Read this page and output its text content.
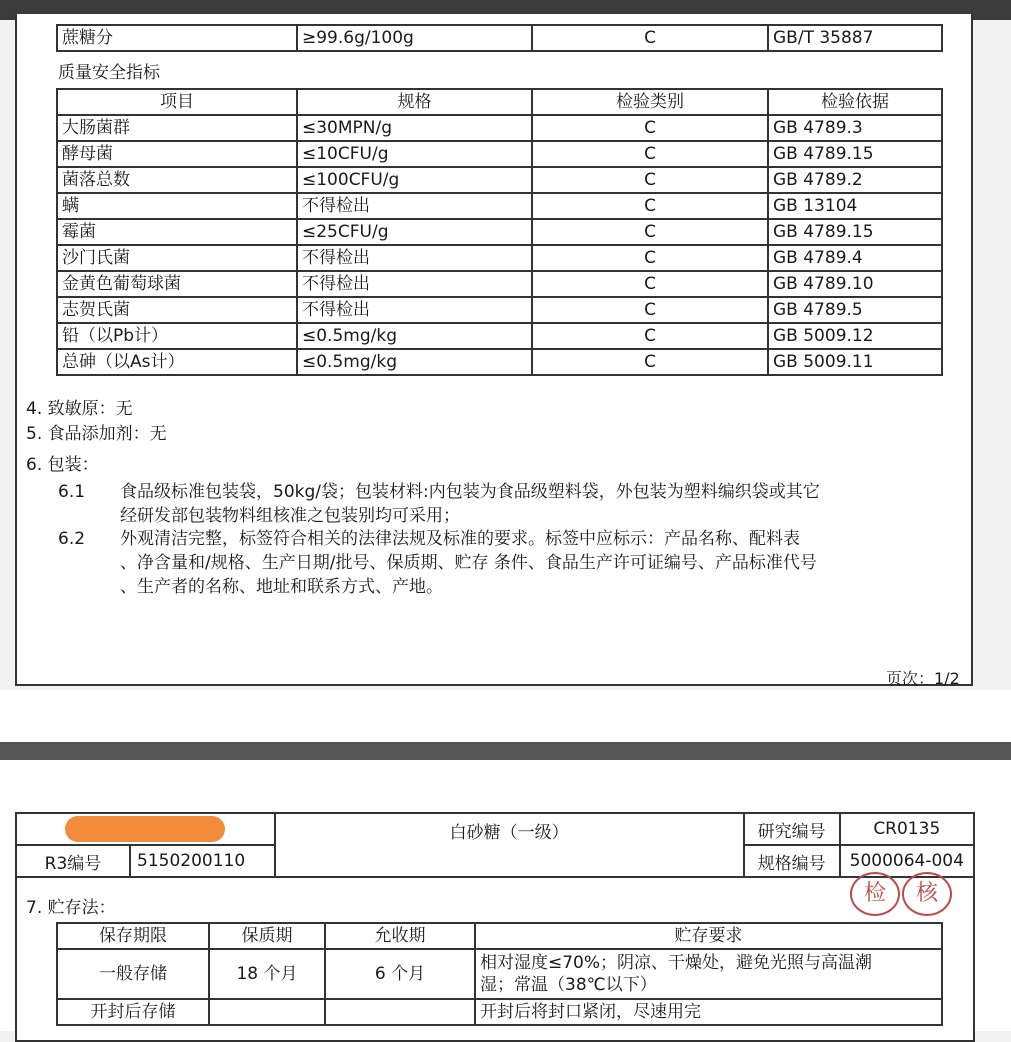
蔗糖分	≥99.6g/100g	C	GB/T 35887
质量安全指标
项目	规格	检验类别	检验依据
大肠菌群	≤30MPN/g	C	GB 4789.3
酵母菌	≤10CFU/g	C	GB 4789.15
菌落总数	≤100CFU/g	C	GB 4789.2
螨	不得检出	C	GB 13104
霉菌	≤25CFU/g	C	GB 4789.15
沙门氏菌	不得检出	C	GB 4789.4
金黄色葡萄球菌	不得检出	C	GB 4789.10
志贺氏菌	不得检出	C	GB 4789.5
铅（以Pb计）	≤0.5mg/kg	C	GB 5009.12
总砷（以As计）	≤0.5mg/kg	C	GB 5009.11
4. 致敏原：无
5. 食品添加剂：无
6. 包装：
6.1 食品级标准包装袋，50kg/袋；包装材料:内包装为食品级塑料袋，外包装为塑料编织袋或其它
经研发部包装物料组核准之包装别均可采用；
6.2 外观清洁完整，标签符合相关的法律法规及标准的要求。标签中应标示：产品名称、配料表
、净含量和/规格、生产日期/批号、保质期、贮存 条件、食品生产许可证编号、产品标准代号
、生产者的名称、地址和联系方式、产地。
页次：1/2
		白砂糖（一级）	研究编号	CR0135
R3编号	5150200110		规格编号	5000064-004
检 核
7. 贮存法：
保存期限	保质期	允收期	贮存要求
一般存储	18 个月	6 个月	相对湿度≤70%；阴凉、干燥处，避免光照与高温潮
湿；常温（38℃以下）

开封后存储			开封后将封口紧闭，尽速用完
